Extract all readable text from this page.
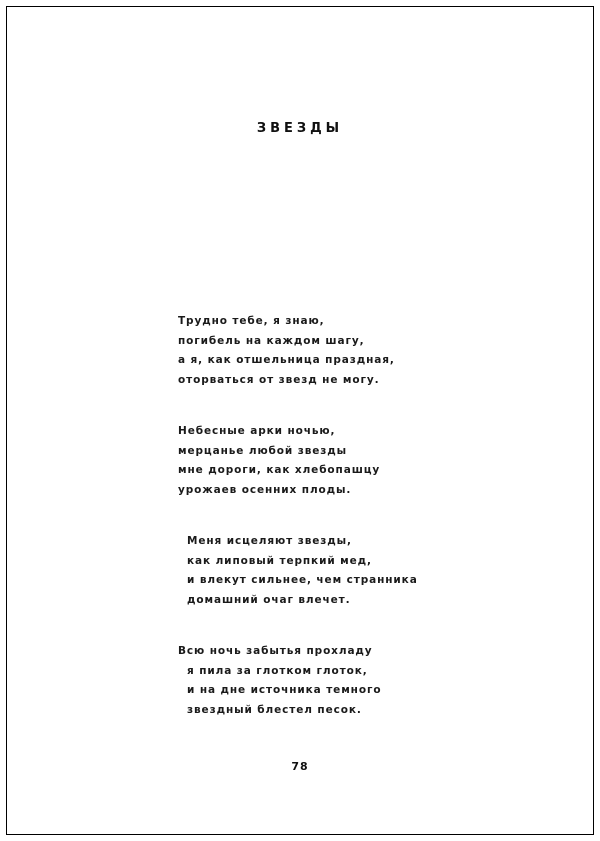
ЗВЕЗДЫ
Трудно тебе, я знаю,
погибель на каждом шагу,
а я, как отшельница праздная,
оторваться от звезд не могу.
Небесные арки ночью,
мерцанье любой звезды
мне дороги, как хлебопашцу
урожаев осенних плоды.
Меня исцеляют звезды,
как липовый терпкий мед,
и влекут сильнее, чем странника
домашний очаг влечет.
Всю ночь забытья прохладу
я пила за глотком глоток,
и на дне источника темного
звездный блестел песок.
78
